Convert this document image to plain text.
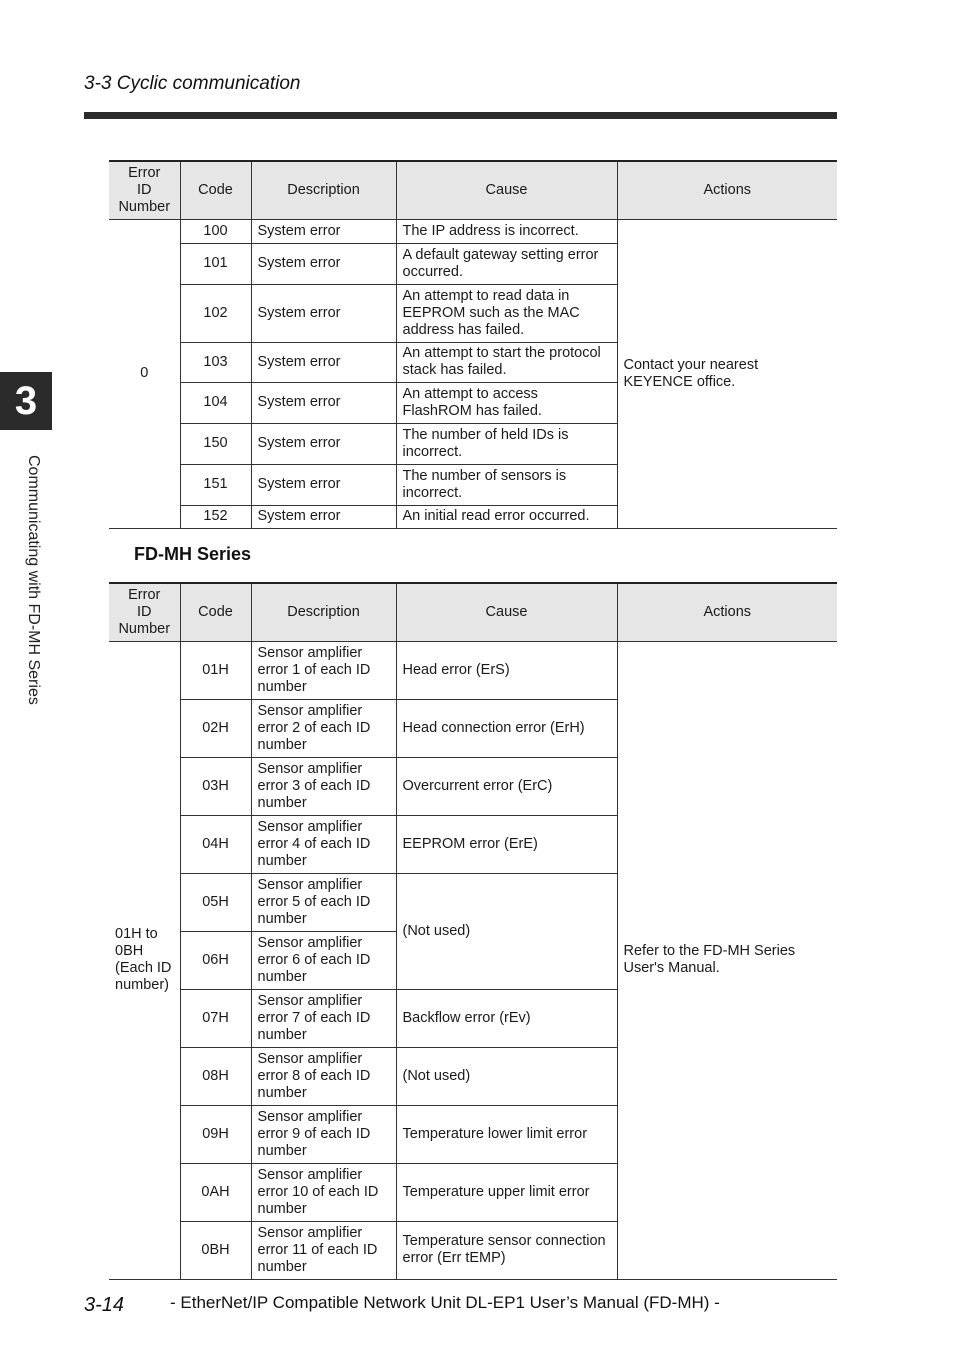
3-3 Cyclic communication
3
Communicating with FD-MH Series
Error
ID
Number	Code	Description	Cause	Actions
0	100	System error	The IP address is incorrect.	Contact your nearest KEYENCE office.
	101	System error	A default gateway setting error occurred.	
	102	System error	An attempt to read data in EEPROM such as the MAC address has failed.	
	103	System error	An attempt to start the protocol stack has failed.	
	104	System error	An attempt to access FlashROM has failed.	
	150	System error	The number of held IDs is incorrect.	
	151	System error	The number of sensors is incorrect.	
	152	System error	An initial read error occurred.	
FD-MH Series
Error
ID
Number	Code	Description	Cause	Actions
01H to 0BH (Each ID number)	01H	Sensor amplifier error 1 of each ID number	Head error (ErS)	Refer to the FD-MH Series User's Manual.
	02H	Sensor amplifier error 2 of each ID number	Head connection error (ErH)	
	03H	Sensor amplifier error 3 of each ID number	Overcurrent error (ErC)	
	04H	Sensor amplifier error 4 of each ID number	EEPROM error (ErE)	
	05H	Sensor amplifier error 5 of each ID number	(Not used)	
	06H	Sensor amplifier error 6 of each ID number		
	07H	Sensor amplifier error 7 of each ID number	Backflow error (rEv)	
	08H	Sensor amplifier error 8 of each ID number	(Not used)	
	09H	Sensor amplifier error 9 of each ID number	Temperature lower limit error	
	0AH	Sensor amplifier error 10 of each ID number	Temperature upper limit error	
	0BH	Sensor amplifier error 11 of each ID number	Temperature sensor connection error (Err tEMP)	
3-14	- EtherNet/IP Compatible Network Unit DL-EP1 User’s Manual (FD-MH) -
